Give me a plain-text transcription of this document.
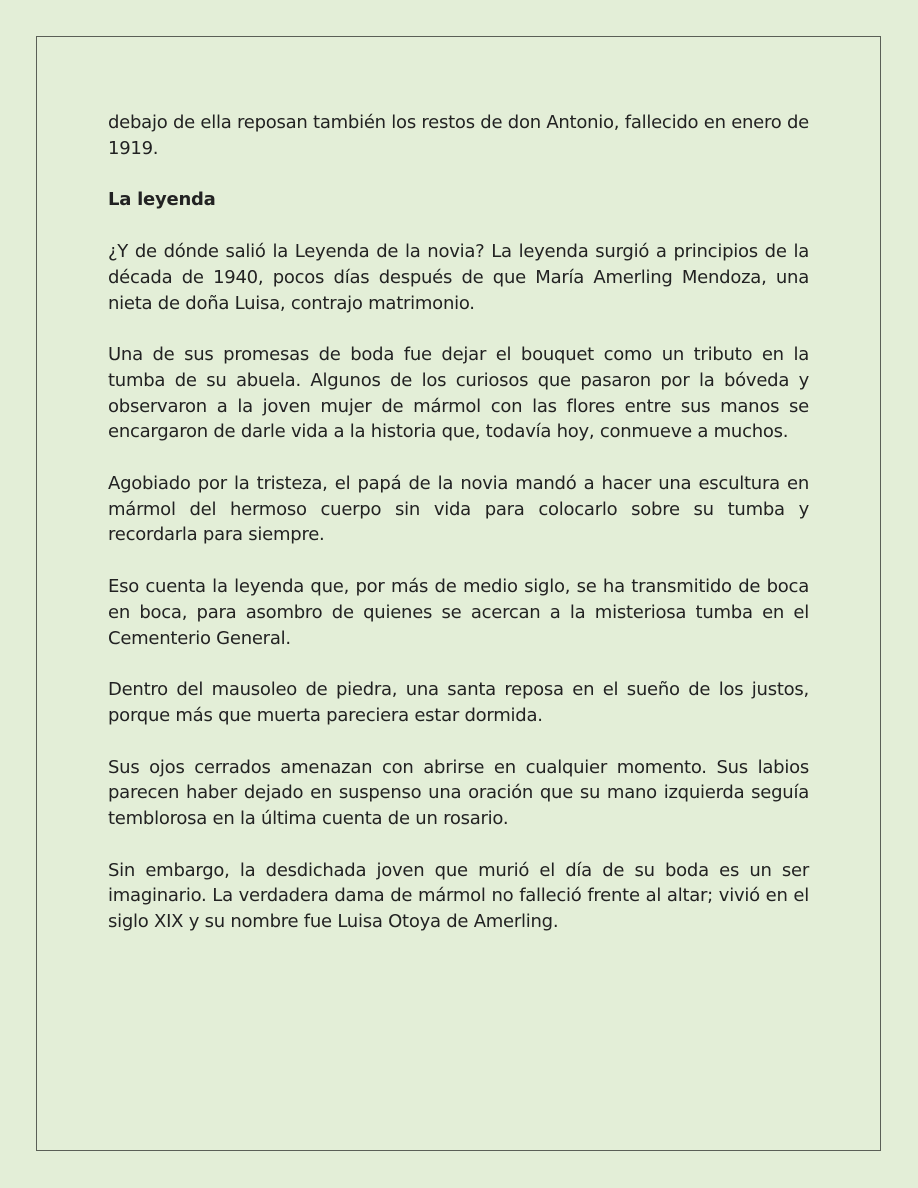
debajo de ella reposan también los restos de don Antonio, fallecido en enero de 1919.

La leyenda

¿Y de dónde salió la Leyenda de la novia? La leyenda surgió a principios de la década de 1940, pocos días después de que María Amerling Mendoza, una nieta de doña Luisa, contrajo matrimonio.

Una de sus promesas de boda fue dejar el bouquet como un tributo en la tumba de su abuela. Algunos de los curiosos que pasaron por la bóveda y observaron a la joven mujer de mármol con las flores entre sus manos se encargaron de darle vida a la historia que, todavía hoy, conmueve a muchos.

Agobiado por la tristeza, el papá de la novia mandó a hacer una escultura en mármol del hermoso cuerpo sin vida para colocarlo sobre su tumba y recordarla para siempre.

Eso cuenta la leyenda que, por más de medio siglo, se ha transmitido de boca en boca, para asombro de quienes se acercan a la misteriosa tumba en el Cementerio General.

Dentro del mausoleo de piedra, una santa reposa en el sueño de los justos, porque más que muerta pareciera estar dormida.

Sus ojos cerrados amenazan con abrirse en cualquier momento. Sus labios parecen haber dejado en suspenso una oración que su mano izquierda seguía temblorosa en la última cuenta de un rosario.

Sin embargo, la desdichada joven que murió el día de su boda es un ser imaginario. La verdadera dama de mármol no falleció frente al altar; vivió en el siglo XIX y su nombre fue Luisa Otoya de Amerling.
